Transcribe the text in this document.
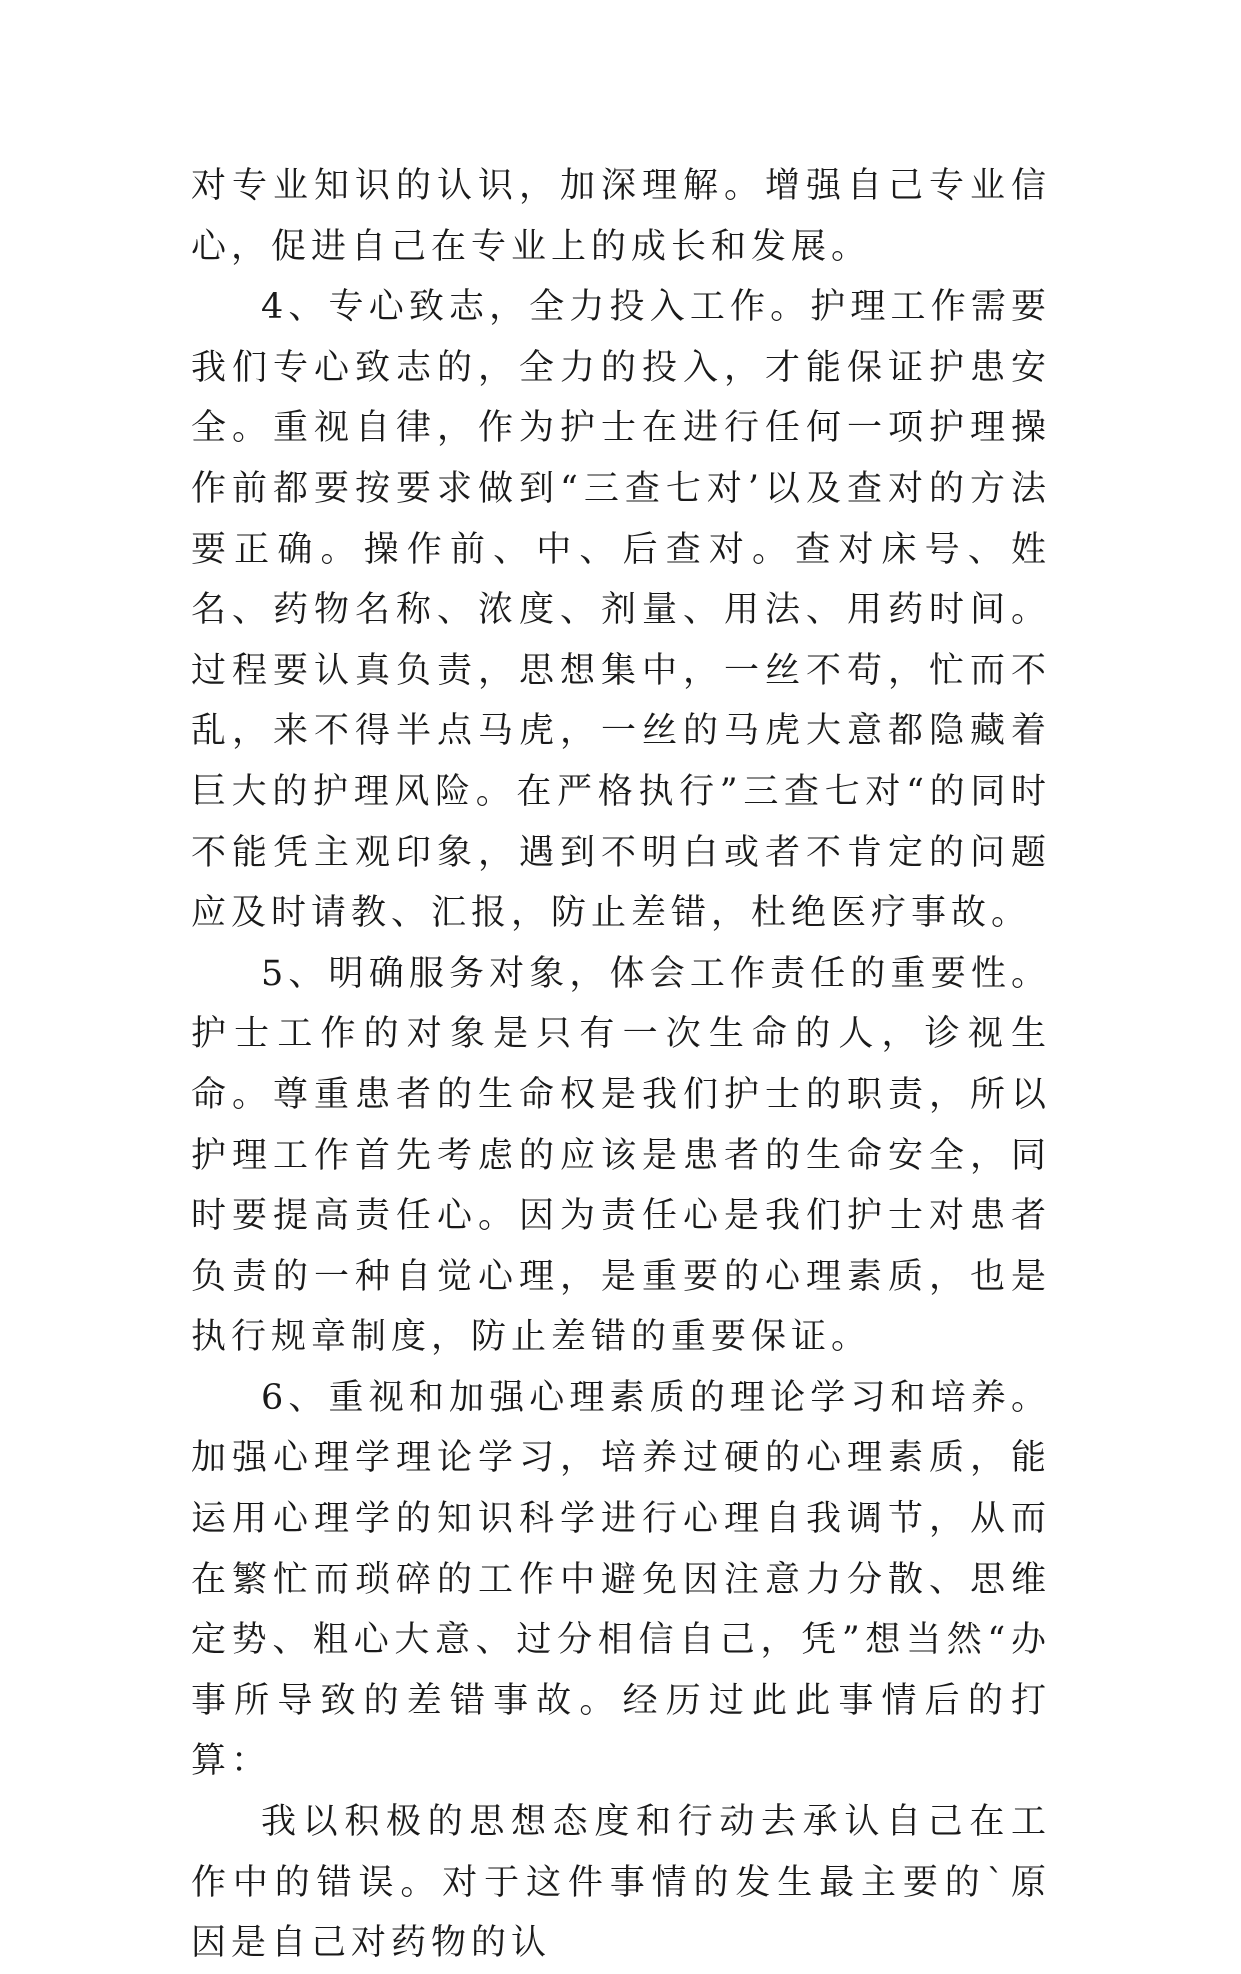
对专业知识的认识，加深理解。增强自己专业信心，促进自己在专业上的成长和发展。

4、专心致志，全力投入工作。护理工作需要我们专心致志的，全力的投入，才能保证护患安全。重视自律，作为护士在进行任何一项护理操作前都要按要求做到“三查七对’以及查对的方法要正确。操作前、中、后查对。查对床号、姓名、药物名称、浓度、剂量、用法、用药时间。过程要认真负责，思想集中，一丝不苟，忙而不乱，来不得半点马虎，一丝的马虎大意都隐藏着巨大的护理风险。在严格执行”三查七对“的同时不能凭主观印象，遇到不明白或者不肯定的问题应及时请教、汇报，防止差错，杜绝医疗事故。

5、明确服务对象，体会工作责任的重要性。护士工作的对象是只有一次生命的人，诊视生命。尊重患者的生命权是我们护士的职责，所以护理工作首先考虑的应该是患者的生命安全，同时要提高责任心。因为责任心是我们护士对患者负责的一种自觉心理，是重要的心理素质，也是执行规章制度，防止差错的重要保证。

6、重视和加强心理素质的理论学习和培养。加强心理学理论学习，培养过硬的心理素质，能运用心理学的知识科学进行心理自我调节，从而在繁忙而琐碎的工作中避免因注意力分散、思维定势、粗心大意、过分相信自己，凭”想当然“办事所导致的差错事故。经历过此此事情后的打算：

我以积极的思想态度和行动去承认自己在工作中的错误。对于这件事情的发生最主要的`原因是自己对药物的认
